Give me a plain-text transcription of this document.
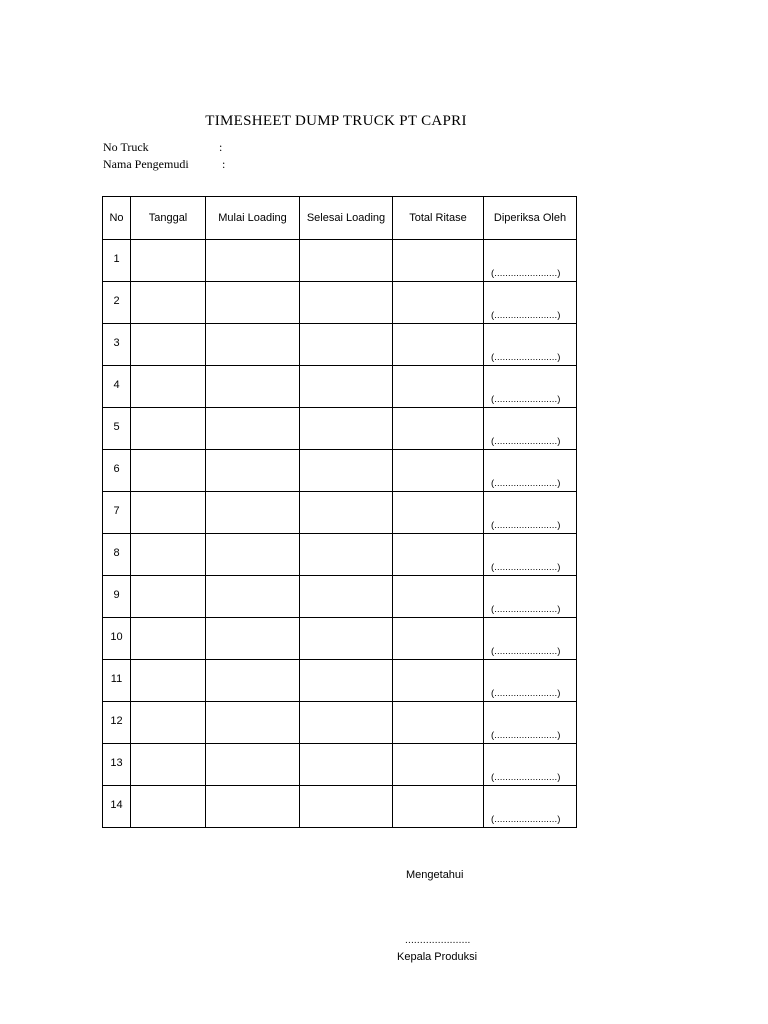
TIMESHEET DUMP TRUCK PT CAPRI
No Truck	:
Nama Pengemudi	:
No	Tanggal	Mulai Loading	Selesai Loading	Total Ritase	Diperiksa Oleh
1					(.......................)

2					(.......................)

3					(.......................)

4					(.......................)

5					(.......................)

6					(.......................)

7					(.......................)

8					(.......................)

9					(.......................)

10					(.......................)

11					(.......................)

12					(.......................)

13					(.......................)

14					(.......................)
Mengetahui
......................
Kepala Produksi
